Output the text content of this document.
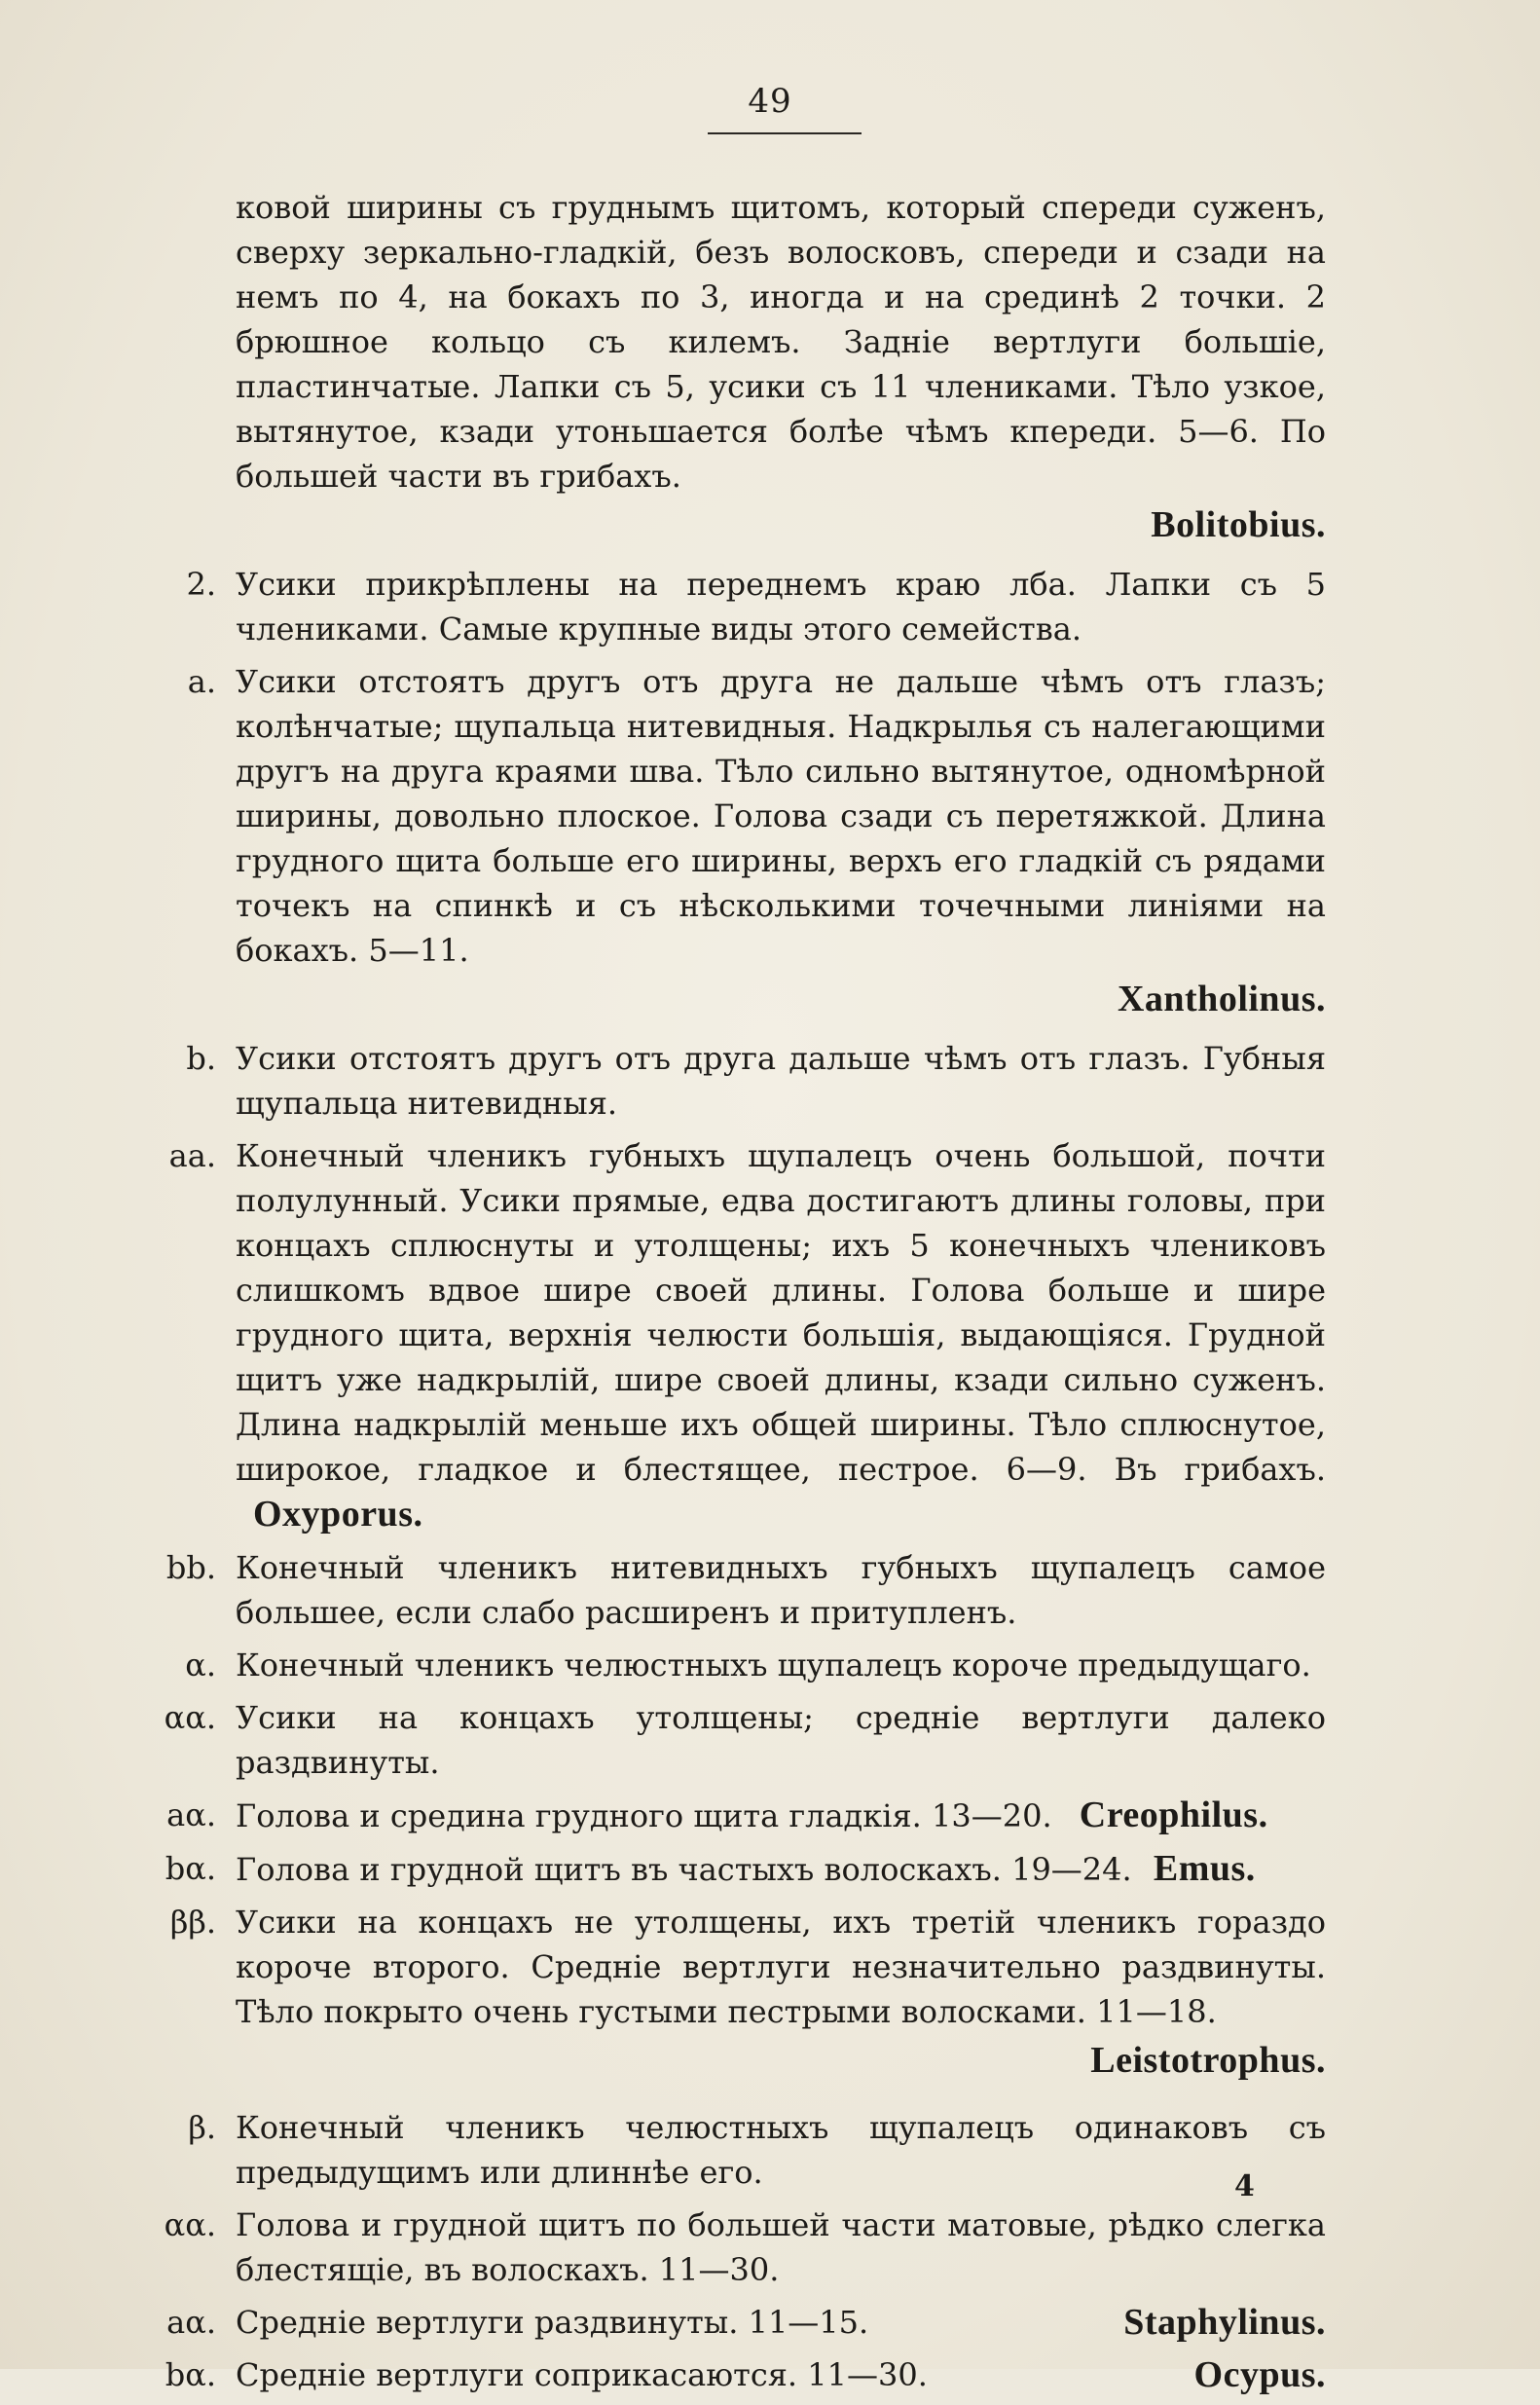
49
ковой ширины съ груднымъ щитомъ, который спереди суженъ, сверху зеркально-гладкій, безъ волосковъ, спереди и сзади на немъ по 4, на бокахъ по 3, иногда и на срединѣ 2 точки. 2 брюшное кольцо съ килемъ. Задніе вертлуги большіе, пластинчатые. Лапки съ 5, усики съ 11 члениками. Тѣло узкое, вытянутое, кзади утоньшается болѣе чѣмъ кпереди. 5—6. По большей части въ грибахъ.
Bolitobius.
2. Усики прикрѣплены на переднемъ краю лба. Лапки съ 5 члениками. Самые крупные виды этого семейства.
a. Усики отстоятъ другъ отъ друга не дальше чѣмъ отъ глазъ; колѣнчатые; щупальца нитевидныя. Надкрылья съ налегающими другъ на друга краями шва. Тѣло сильно вытянутое, одномѣрной ширины, довольно плоское. Голова сзади съ перетяжкой. Длина грудного щита больше его ширины, верхъ его гладкій съ рядами точекъ на спинкѣ и съ нѣсколькими точечными линіями на бокахъ. 5—11.
Xantholinus.
b. Усики отстоятъ другъ отъ друга дальше чѣмъ отъ глазъ. Губныя щупальца нитевидныя.
aa. Конечный членикъ губныхъ щупалецъ очень большой, почти полулунный. Усики прямые, едва достигаютъ длины головы, при концахъ сплюснуты и утолщены; ихъ 5 конечныхъ члениковъ слишкомъ вдвое шире своей длины. Голова больше и шире грудного щита, верхнія челюсти большія, выдающіяся. Грудной щитъ уже надкрылій, шире своей длины, кзади сильно суженъ. Длина надкрылій меньше ихъ общей ширины. Тѣло сплюснутое, широкое, гладкое и блестящее, пестрое. 6—9. Въ грибахъ. Oxyporus.
bb. Конечный членикъ нитевидныхъ губныхъ щупалецъ самое большее, если слабо расширенъ и притупленъ.
α. Конечный членикъ челюстныхъ щупалецъ короче предыдущаго.
αα. Усики на концахъ утолщены; средніе вертлуги далеко раздвинуты.
aα. Голова и средина грудного щита гладкія. 13—20. Creophilus.
bα. Голова и грудной щитъ въ частыхъ волоскахъ. 19—24. Emus.
ββ. Усики на концахъ не утолщены, ихъ третій членикъ гораздо короче второго. Средніе вертлуги незначительно раздвинуты. Тѣло покрыто очень густыми пестрыми волосками. 11—18.
Leistotrophus.
β. Конечный членикъ челюстныхъ щупалецъ одинаковъ съ предыдущимъ или длиннѣе его.
αα. Голова и грудной щитъ по большей части матовые, рѣдко слегка блестящіе, въ волоскахъ. 11—30.
aα. Средніе вертлуги раздвинуты. 11—15.	Staphylinus.
bα. Средніе вертлуги соприкасаются. 11—30.	Ocypus.
4
